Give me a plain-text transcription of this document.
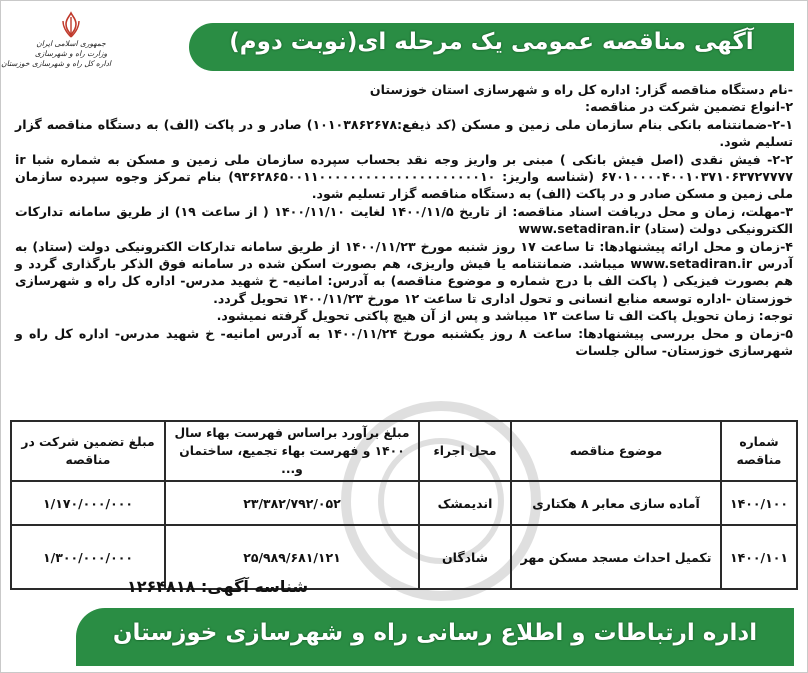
جمهوری اسلامی ایران
وزارت راه و شهرسازی
اداره کل راه و شهرسازی خوزستان
آگهی مناقصه عمومی یک مرحله ای(نوبت دوم)

-نام دستگاه مناقصه گزار: اداره کل راه و شهرسازی استان خوزستان

۲-انواع تضمین شرکت در مناقصه:

۲-۱-ضمانتنامه بانکی بنام سازمان ملی زمین و مسکن (کد ذیفع:۱۰۱۰۳۸۶۲۶۷۸) صادر و در پاکت (الف) به دستگاه مناقصه گزار تسلیم شود.

۲-۲- فیش نقدی (اصل فیش بانکی ) مبنی بر واریز وجه نقد بحساب سپرده سازمان ملی زمین و مسکن به شماره شبا ir ۶۷۰۱۰۰۰۰۴۰۰۱۰۳۷۱۰۶۳۷۲۷۷۷۷ (شناسه واریز: ۹۳۶۲۸۶۵۰۰۱۱۰۰۰۰۰۰۰۰۰۰۰۰۰۰۰۰۰۰۰۰۰۱۰) بنام تمرکز وجوه سپرده سازمان ملی زمین و مسکن صادر و در پاکت (الف) به دستگاه مناقصه گزار تسلیم شود.

۳-مهلت، زمان و محل دریافت اسناد مناقصه: از تاریخ ۱۴۰۰/۱۱/۵ لغایت ۱۴۰۰/۱۱/۱۰ ( از ساعت ۱۹) از طریق سامانه تدارکات الکترونیکی دولت (ستاد) www.setadiran.ir

۴-زمان و محل ارائه پیشنهادها: تا ساعت ۱۷ روز شنبه مورخ ۱۴۰۰/۱۱/۲۳ از طریق سامانه تدارکات الکترونیکی دولت (ستاد) به آدرس www.setadiran.ir میباشد. ضمانتنامه یا فیش واریزی، هم بصورت اسکن شده در سامانه فوق الذکر بارگذاری گردد و هم بصورت فیزیکی ( پاکت الف با درج شماره و موضوع مناقصه) به آدرس: امانیه- خ شهید مدرس- اداره کل راه و شهرسازی خوزستان -اداره توسعه منابع انسانی و تحول اداری تا ساعت ۱۲ مورخ ۱۴۰۰/۱۱/۲۳ تحویل گردد.

توجه: زمان تحویل پاکت الف تا ساعت ۱۳ میباشد و پس از آن هیچ پاکتی تحویل گرفته نمیشود.

۵-زمان و محل بررسی پیشنهادها: ساعت ۸ روز یکشنبه مورخ ۱۴۰۰/۱۱/۲۴ به آدرس امانیه- خ شهید مدرس- اداره کل راه و شهرسازی خوزستان- سالن جلسات

شماره مناقصه	موضوع مناقصه	محل اجراء	مبلغ برآورد براساس فهرست بهاء سال ۱۴۰۰ و فهرست بهاء تجمیع، ساختمان و...	مبلغ تضمین شرکت در مناقصه
۱۴۰۰/۱۰۰	آماده سازی معابر ۸ هکتاری	اندیمشک	۲۳/۳۸۲/۷۹۲/۰۵۲	۱/۱۷۰/۰۰۰/۰۰۰
۱۴۰۰/۱۰۱	تکمیل احداث مسجد مسکن مهر	شادگان	۲۵/۹۸۹/۶۸۱/۱۲۱	۱/۳۰۰/۰۰۰/۰۰۰
شناسه آگهی: ۱۲۶۴۸۱۸
اداره ارتباطات و اطلاع رسانی راه و شهرسازی خوزستان
